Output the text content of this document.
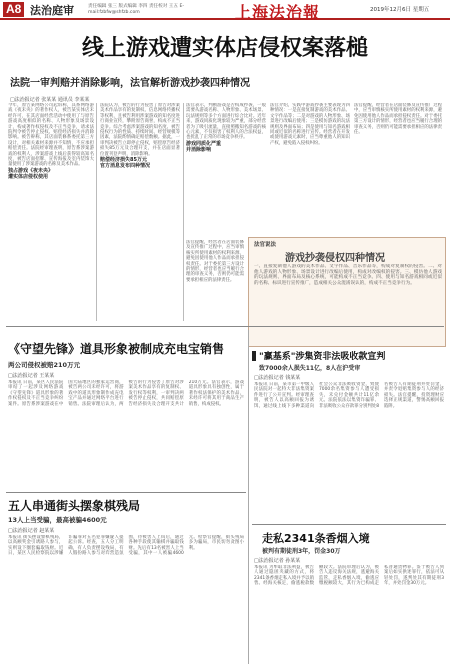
A8 法治庭审	责任编辑 张三 版式编辑 李四 责任校对 王五 E-mail:fzbfw@shfzb.com	上海法治報	2019年12月6日 星期五
线上游戏遭实体店侵权案落槌
法院一审判赔并消除影响，法官解析游戏抄袭四种情况
□法治报记者 张某某 通讯员 李某某
今年，原告某网络公司起诉称，其系网络游戏《夜未央》的著作权人，被告某实体店未经许可，在其店面经营活动中使用了与原告游戏高度相似的名称、人物形象及场景设计，构成著作权侵权及不正当竞争，请求法院判令被告停止侵权、赔偿经济损失并消除影响。被告辩称，其店面装修系委托第三方设计，对相关素材来源并不知情，不应承担赔偿责任。法院经审理查明，原告系涉案游戏的权利人，涉案游戏上线后获得较高知名度，被告店面招牌、宣传海报及室内装饰大量使用了涉案游戏的名称及美术作品。
独占游戏《夜未央》
遭实体店侵权使用
法院认为，被告的行为侵害了原告对涉案美术作品享有的复制权、信息网络传播权等权利，且被告利用涉案游戏的知名度进行商业宣传，攀附原告商誉，构成不正当竞争。综合考虑涉案游戏的知名度、被告侵权行为的性质、持续时间、经营规模等因素，法院酌情确定赔偿数额。据此，一审判决被告立即停止侵权，赔偿原告经济损失85万元及合理开支，并在店面显著位置刊登声明，消除影响。
赔偿经济损失85万元
官方消息发布四种情况
法官表示，判断游戏是否构成抄袭，一般需要从游戏名称、人物形象、美术场景、玩法规则等多个方面进行综合比对。近年来，游戏同质化现象较为严重，部分经营者为了吸引流量，直接照搬知名游戏的核心元素，不仅损害了权利人的合法权益，也扰乱了正常的市场竞争秩序。
游戏同质化严重
并消除影响
法官介绍，实践中游戏抄袭主要表现为四种情况：一是直接复制游戏的美术作品、文字作品等；二是对游戏的人物形象、场景进行改编后使用；三是模仿游戏的玩法规则及界面布局；四是使用与知名游戏相同或近似的名称进行宣传。经营者在开发或使用游戏元素时，应当尊重他人的知识产权，避免陷入侵权纠纷。
法官提醒，经营者在店面装修及宣传推广过程中，应当审慎核实所使用素材的权利来源，避免因使用他人作品而承担侵权责任。对于委托第三方设计的情形，经营者也应当履行合理的审查义务，否则仍可能需要承担相应的法律责任。
法官提醒，经营者在店面装修及宣传推广过程中，应当审慎核实所使用素材的权利来源，避免因使用他人作品而承担侵权责任。对于委托第三方设计的情形，经营者也应当履行合理的审查义务，否则仍可能需要承担相应的法律责任。
法官说法
游戏抄袭侵权四种情况
一、直接复制他人游戏的美术作品、文字作品、音乐作品等，构成对复制权的侵害。二、对他人游戏的人物形象、场景设计进行改编后使用，构成对改编权的侵害。三、模仿他人游戏的玩法规则、界面布局及核心系统，可能构成不正当竞争。四、使用与知名游戏相同或近似的名称、标识进行宣传推广，造成相关公众混淆误认的，构成不正当竞争行为。
《守望先锋》道具形象被制成充电宝销售
两公司侵权被赔210万元
□法治报记者 王某某
本报讯 日前，某区人民法院审结了一起涉及网络游戏《守望先锋》道具形象的著作权侵权及不正当竞争纠纷案件。原告系涉案游戏在中国大陆地区的独家运营商，被告两公司未经许可，将游戏中的道具形象制作成充电宝产品并通过网络平台进行销售。法院审理后认为，两被告的行为侵害了原告对涉案美术作品享有的复制权、发行权等权利，一审判决两被告停止侵权，共同赔偿原告经济损失及合理开支共计210万元。法官表示，游戏道具形象具有独创性，属于著作权法保护的美术作品，未经许可将其用于商品生产销售，构成侵权。
五人串通街头摆象棋残局
13人上当受骗，最高被骗4600元
□法治报记者 赵某某
本报讯 街头摆设象棋残局，以高额奖金引诱路人参与，实则设下圈套骗取钱财。近日，某区人民检察院以涉嫌诈骗罪对五名犯罪嫌疑人提起公诉。经查，五人分工明确，有人负责摆设残局，有人假扮路人参与对弈营造氛围，待被害人上钩后，通过各种手段使其输棋并骗取钱财。先后有13名被害人上当受骗，其中一人被骗4600元。检察官提醒，街头残局多为骗局，市民切勿贪图小利。
"赢基系"涉集资非法吸收款宣判
致7000余人损失11亿，8人在沪受审
□法治报记者 钱某某
本报讯 日前，某市第一中级人民法院对一起特大非法集资案件进行了公开宣判。经审理查明，被告人以高额回报为诱饵，通过线上线下多种渠道向社会公众非法吸收资金，致使7000余名集资参与人遭受损失，未兑付金额共计11亿余元。法院依法以集资诈骗罪、非法吸收公众存款罪分别判处8名被告人有期徒刑并处罚金，并责令退赔集资参与人的经济损失。法官提醒，投资理财应选择正规渠道，警惕高额回报陷阱。
走私2341条香烟入境
被判有期徒刑3年，罚金30万
□法治报记者 孙某某
本报讯 为牟取非法利益，被告人通过隐匿夹藏的方式，将2341条香烟走私入境并予以销售。经海关核定，偷逃税款数额较大。法院审理后认为，被告人违反海关法规，逃避海关监管，走私香烟入境，偷逃应缴税额较大，其行为已构成走私普通货物罪。鉴于被告人到案后如实供述罪行，依法可从轻处罚，遂判处其有期徒刑3年，并处罚金30万元。
